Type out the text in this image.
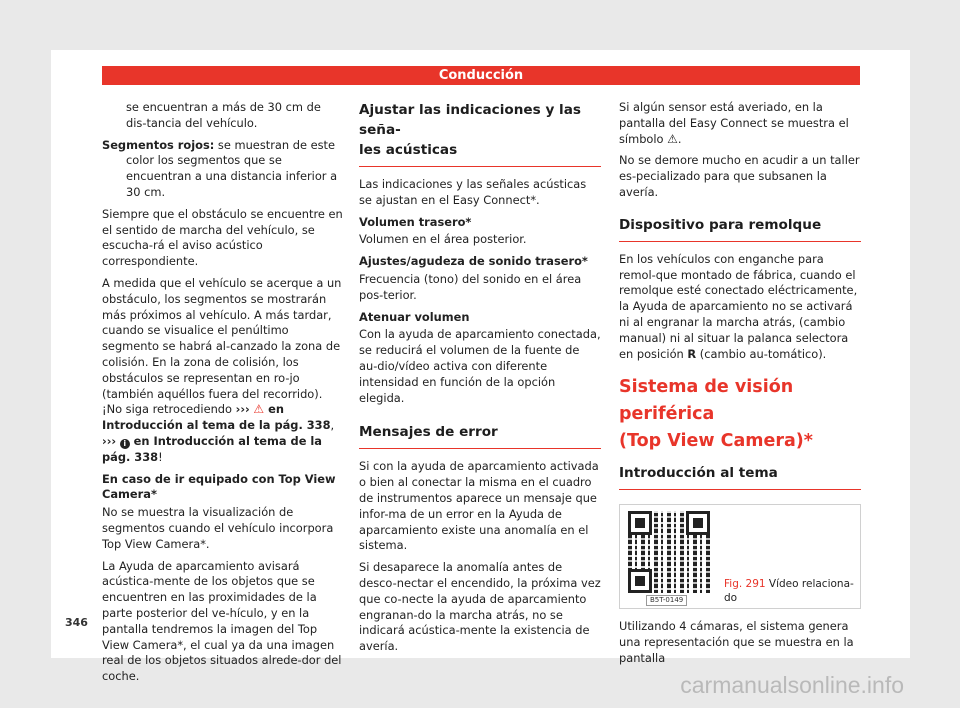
Conducción

se encuentran a más de 30 cm de dis-tancia del vehículo.

Segmentos rojos: se muestran de este color los segmentos que se encuentran a una distancia inferior a 30 cm.

Siempre que el obstáculo se encuentre en el sentido de marcha del vehículo, se escucha-rá el aviso acústico correspondiente.

A medida que el vehículo se acerque a un obstáculo, los segmentos se mostrarán más próximos al vehículo. A más tardar, cuando se visualice el penúltimo segmento se habrá al-canzado la zona de colisión. En la zona de colisión, los obstáculos se representan en ro-jo (también aquéllos fuera del recorrido). ¡No siga retrocediendo ››› ⚠ en Introducción al tema de la pág. 338, ››› i en Introducción al tema de la pág. 338!

En caso de ir equipado con Top View Camera*

No se muestra la visualización de segmentos cuando el vehículo incorpora Top View Camera*.

La Ayuda de aparcamiento avisará acústica-mente de los objetos que se encuentren en las proximidades de la parte posterior del ve-hículo, y en la pantalla tendremos la imagen del Top View Camera*, el cual ya da una imagen real de los objetos situados alrede-dor del coche.

Ajustar las indicaciones y las seña-
les acústicas

Las indicaciones y las señales acústicas se ajustan en el Easy Connect*.

Volumen trasero*

Volumen en el área posterior.

Ajustes/agudeza de sonido trasero*

Frecuencia (tono) del sonido en el área pos-terior.

Atenuar volumen

Con la ayuda de aparcamiento conectada, se reducirá el volumen de la fuente de au-dio/vídeo activa con diferente intensidad en función de la opción elegida.

Mensajes de error

Si con la ayuda de aparcamiento activada o bien al conectar la misma en el cuadro de instrumentos aparece un mensaje que infor-ma de un error en la Ayuda de aparcamiento existe una anomalía en el sistema.

Si desaparece la anomalía antes de desco-nectar el encendido, la próxima vez que co-necte la ayuda de aparcamiento engranan-do la marcha atrás, no se indicará acústica-mente la existencia de avería.

Si algún sensor está averiado, en la pantalla del Easy Connect se muestra el símbolo ⚠.

No se demore mucho en acudir a un taller es-pecializado para que subsanen la avería.

Dispositivo para remolque

En los vehículos con enganche para remol-que montado de fábrica, cuando el remolque esté conectado eléctricamente, la Ayuda de aparcamiento no se activará ni al engranar la marcha atrás, (cambio manual) ni al situar la palanca selectora en posición R (cambio au-tomático).

Sistema de visión periférica
(Top View Camera)*
Introducción al tema
B5T-0149
Fig. 291 Vídeo relaciona-do

Utilizando 4 cámaras, el sistema genera una representación que se muestra en la pantalla

346
carmanualsonline.info
